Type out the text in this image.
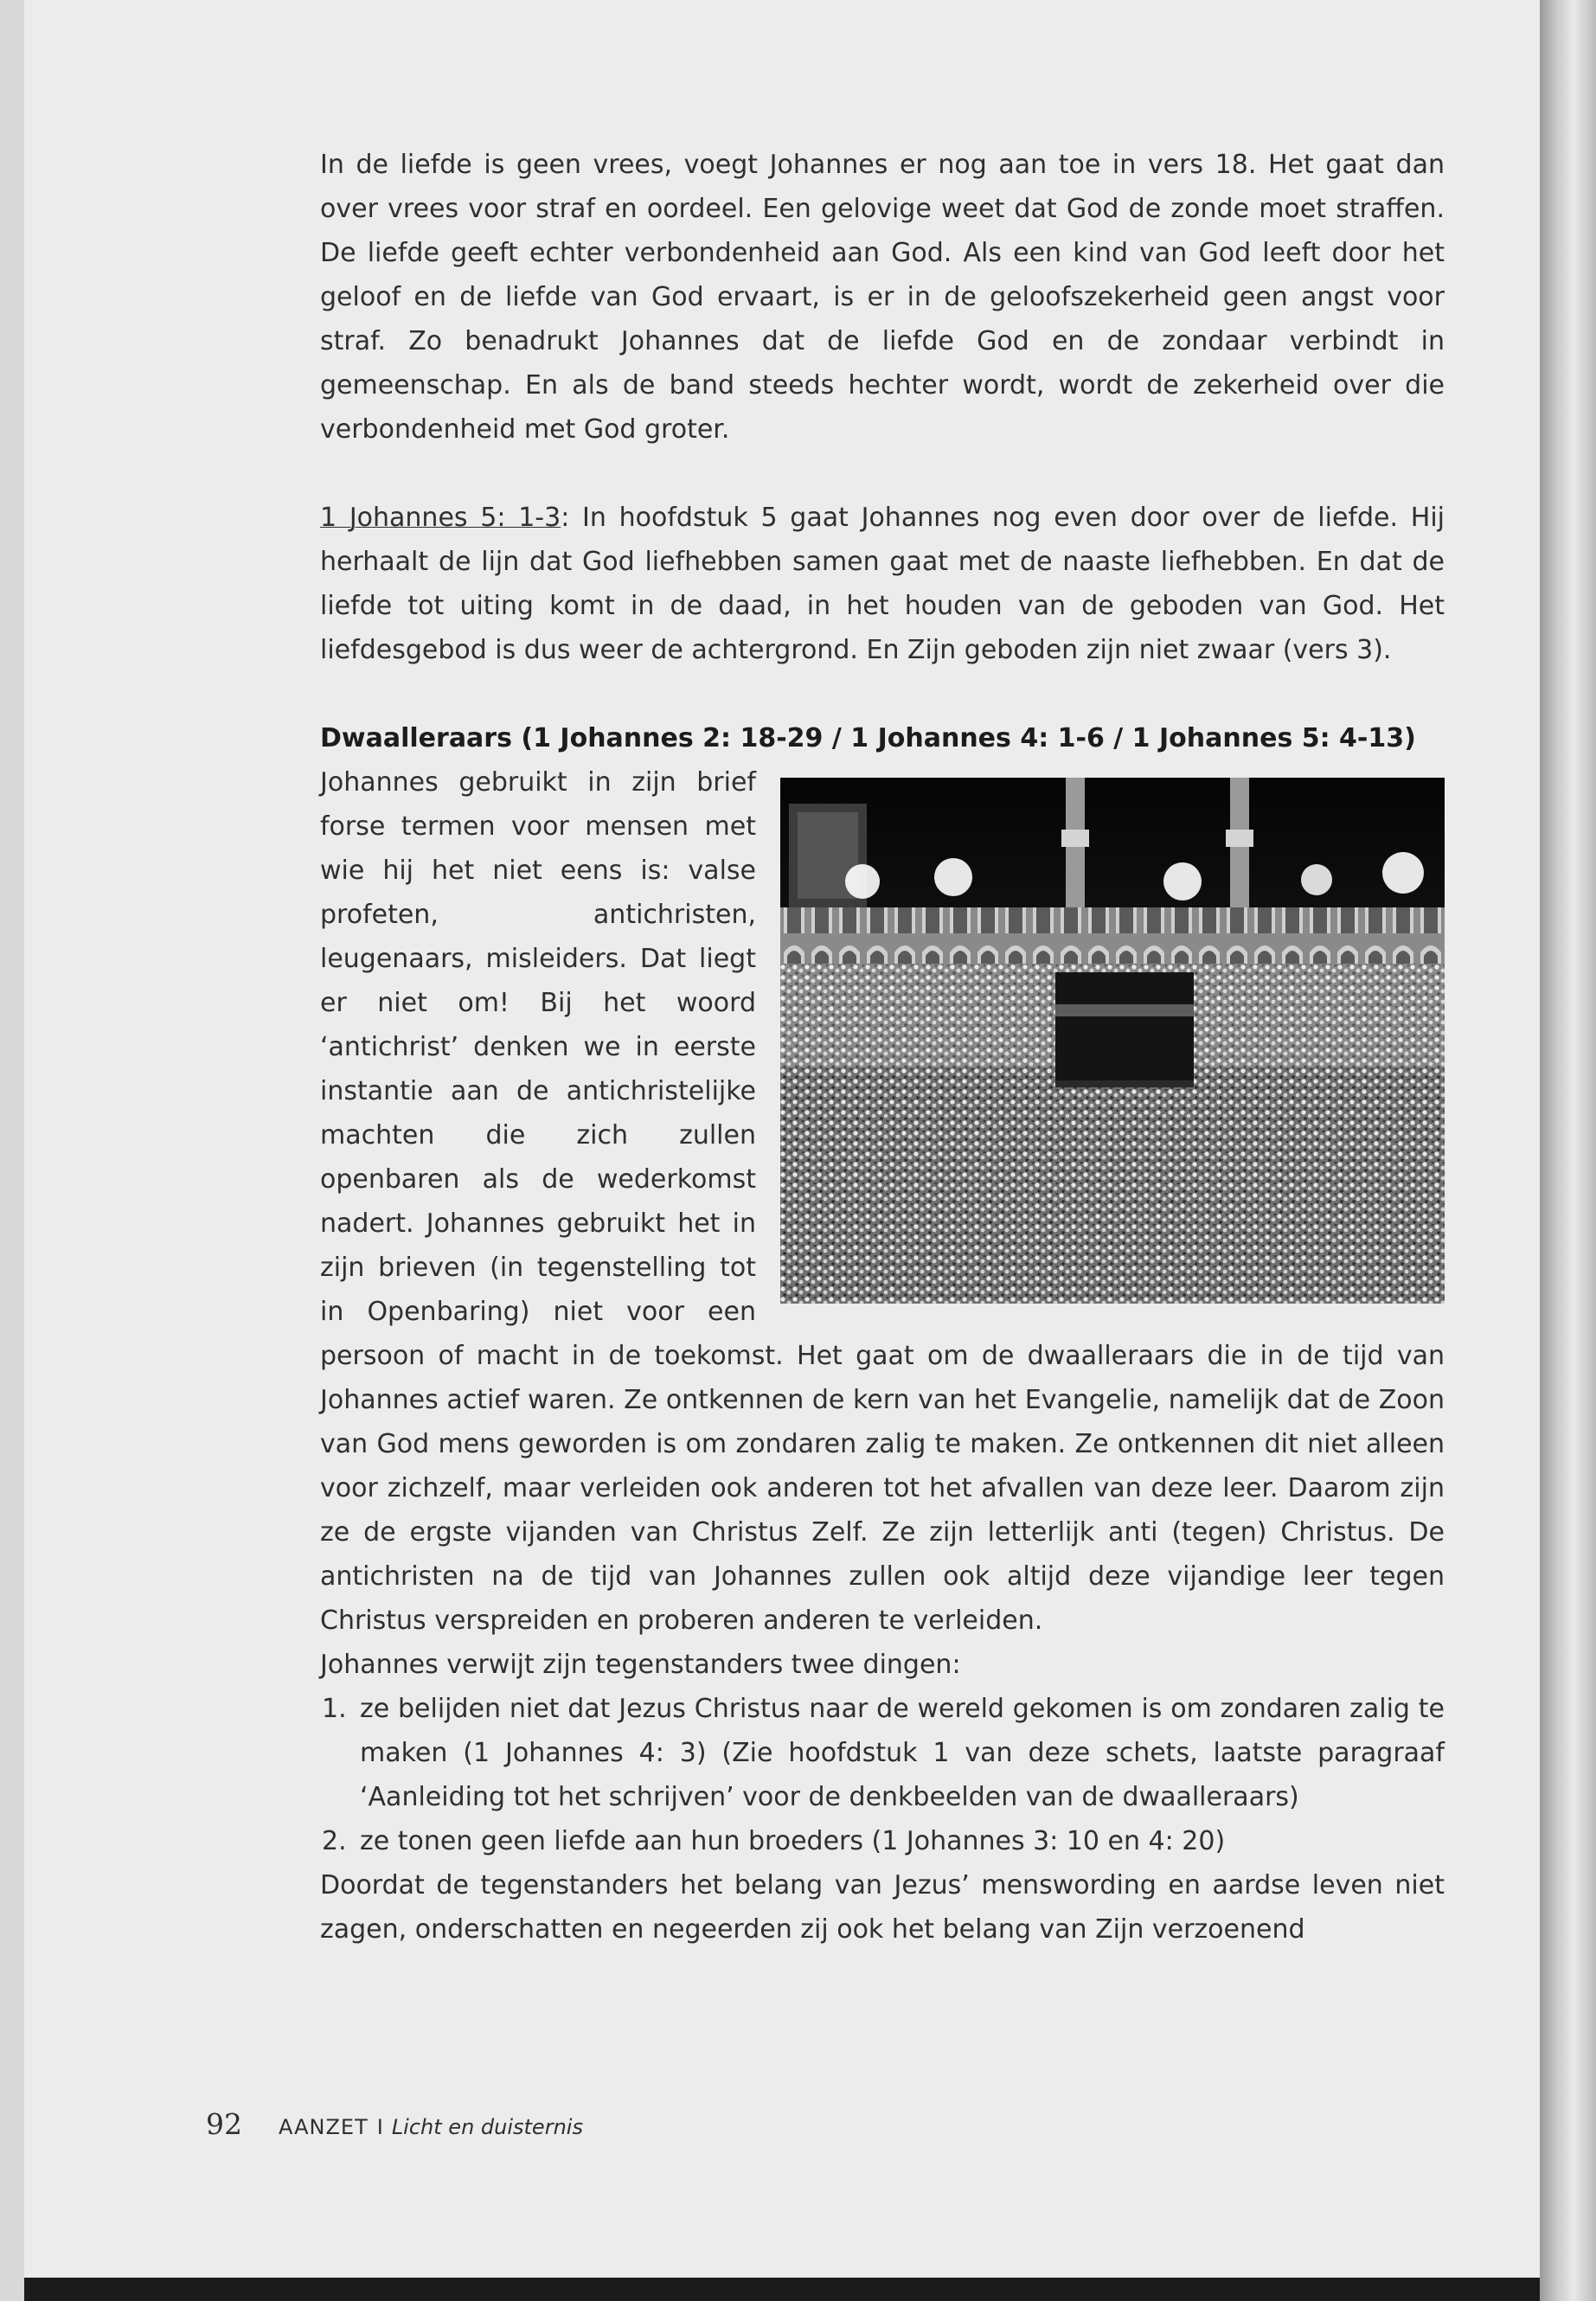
In de liefde is geen vrees, voegt Johannes er nog aan toe in vers 18. Het gaat dan over vrees voor straf en oordeel. Een gelovige weet dat God de zonde moet straffen. De liefde geeft echter verbondenheid aan God. Als een kind van God leeft door het geloof en de liefde van God ervaart, is er in de geloofszekerheid geen angst voor straf. Zo benadrukt Johannes dat de liefde God en de zondaar verbindt in gemeenschap. En als de band steeds hechter wordt, wordt de zekerheid over die verbondenheid met God groter.

1 Johannes 5: 1-3: In hoofdstuk 5 gaat Johannes nog even door over de liefde. Hij herhaalt de lijn dat God liefhebben samen gaat met de naaste liefhebben. En dat de liefde tot uiting komt in de daad, in het houden van de geboden van God. Het liefdesgebod is dus weer de achtergrond. En Zijn geboden zijn niet zwaar (vers 3).

Dwaalleraars (1 Johannes 2: 18-29 / 1 Johannes 4: 1-6 / 1 Johannes 5: 4-13)

Johannes gebruikt in zijn brief forse termen voor mensen met wie hij het niet eens is: valse profeten, antichristen, leugenaars, misleiders. Dat liegt er niet om! Bij het woord ‘antichrist’ denken we in eerste instantie aan de antichristelijke machten die zich zullen openbaren als de wederkomst nadert. Johannes gebruikt het in zijn brieven (in tegenstelling tot in Openbaring) niet voor een persoon of macht in de toekomst. Het gaat om de dwaalleraars die in de tijd van Johannes actief waren. Ze ontkennen de kern van het Evangelie, namelijk dat de Zoon van God mens geworden is om zondaren zalig te maken. Ze ontkennen dit niet alleen voor zichzelf, maar verleiden ook anderen tot het afvallen van deze leer. Daarom zijn ze de ergste vijanden van Christus Zelf. Ze zijn letterlijk anti (tegen) Christus. De antichristen na de tijd van Johannes zullen ook altijd deze vijandige leer tegen Christus verspreiden en proberen anderen te verleiden.

Johannes verwijt zijn tegenstanders twee dingen:

1. ze belijden niet dat Jezus Christus naar de wereld gekomen is om zondaren zalig te maken (1 Johannes 4: 3) (Zie hoofdstuk 1 van deze schets, laatste paragraaf ‘Aanleiding tot het schrijven’ voor de denkbeelden van de dwaalleraars)
2. ze tonen geen liefde aan hun broeders (1 Johannes 3: 10 en 4: 20)

Doordat de tegenstanders het belang van Jezus’ menswording en aardse leven niet zagen, onderschatten en negeerden zij ook het belang van Zijn verzoenend

92 AANZET I Licht en duisternis
